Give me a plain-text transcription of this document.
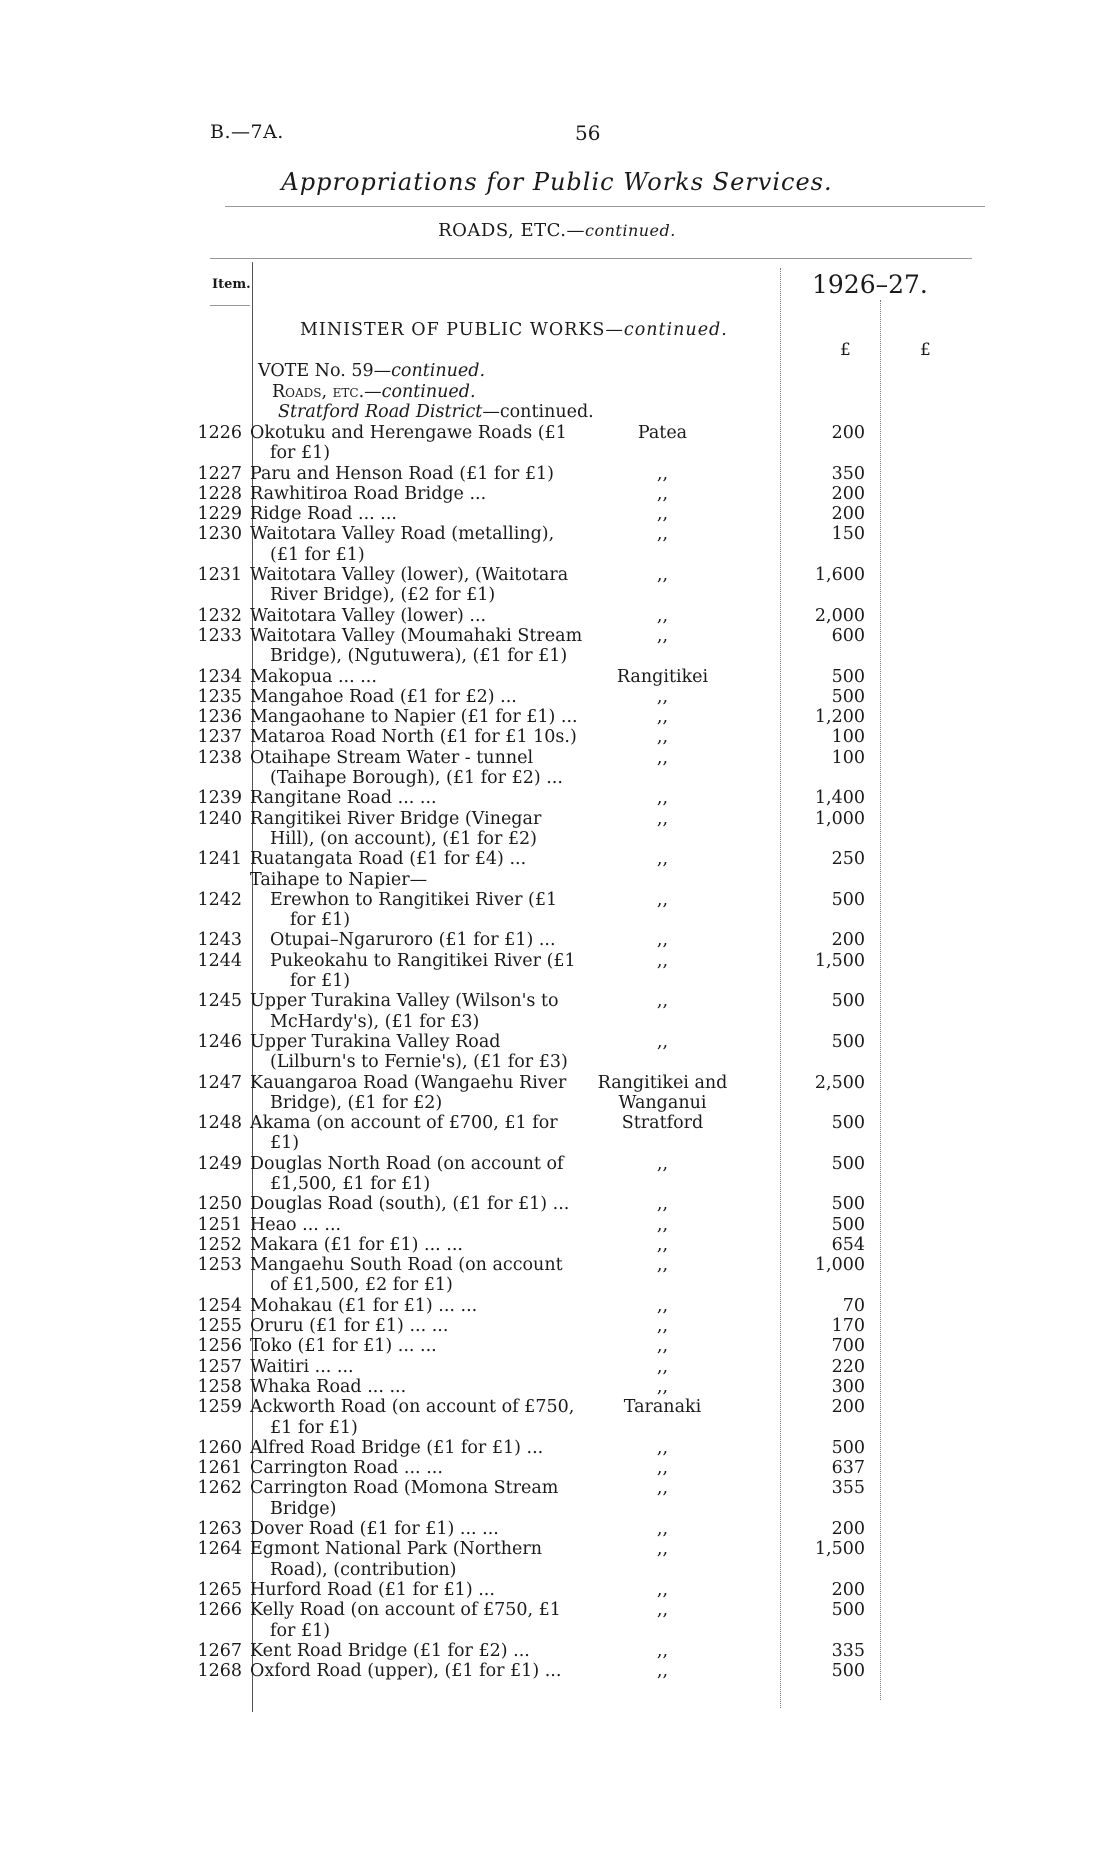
B.—7A.	56
Appropriations for Public Works Services.
ROADS, ETC.—continued.
Item.	1926–27.
£	£
MINISTER OF PUBLIC WORKS—continued.
VOTE No. 59—continued.
Roads, etc.—continued.
Stratford Road District—continued.
1226 Okotuku and Herengawe Roads (£1 for £1)
Patea	200
1227 Paru and Henson Road (£1 for £1)	,,	350
1228 Rawhitiroa Road Bridge ...	,,	200
1229 Ridge Road ... ...	,,	200
1230 Waitotara Valley Road (metalling), (£1 for £1)
,,	150
1231 Waitotara Valley (lower), (Waitotara River Bridge), (£2 for £1)
,,	1,600
1232 Waitotara Valley (lower) ...	,,	2,000
1233 Waitotara Valley (Moumahaki Stream Bridge), (Ngutuwera), (£1 for £1)
,,	600
1234 Makopua ... ...	Rangitikei	500
1235 Mangahoe Road (£1 for £2) ...	,,	500
1236 Mangaohane to Napier (£1 for £1) ...	,,	1,200
1237 Mataroa Road North (£1 for £1 10s.)	,,	100
1238 Otaihape Stream Water - tunnel (Taihape Borough), (£1 for £2) ...
,,	100
1239 Rangitane Road ... ...	,,	1,400
1240 Rangitikei River Bridge (Vinegar Hill), (on account), (£1 for £2)
,,	1,000
1241 Ruatangata Road (£1 for £4) ...	,,	250
Taihape to Napier—
1242	Erewhon to Rangitikei River (£1 for £1)
,,	500
1243	Otupai–Ngaruroro (£1 for £1) ...	,,	200
1244	Pukeokahu to Rangitikei River (£1 for £1)
,,	1,500
1245 Upper Turakina Valley (Wilson's to McHardy's), (£1 for £3)
,,	500
1246 Upper Turakina Valley Road (Lilburn's to Fernie's), (£1 for £3)
,,	500
1247 Kauangaroa Road (Wangaehu River Bridge), (£1 for £2)
Rangitikei and Wanganui
2,500
1248 Akama (on account of £700, £1 for £1)
Stratford	500
1249 Douglas North Road (on account of £1,500, £1 for £1)
,,	500
1250 Douglas Road (south), (£1 for £1) ...	,,	500
1251 Heao ... ...	,,	500
1252 Makara (£1 for £1) ... ...	,,	654
1253 Mangaehu South Road (on account of £1,500, £2 for £1)
,,	1,000
1254 Mohakau (£1 for £1) ... ...	,,	70
1255 Oruru (£1 for £1) ... ...	,,	170
1256 Toko (£1 for £1) ... ...	,,	700
1257 Waitiri ... ...	,,	220
1258 Whaka Road ... ...	,,	300
1259 Ackworth Road (on account of £750, £1 for £1)
Taranaki	200
1260 Alfred Road Bridge (£1 for £1) ...	,,	500
1261 Carrington Road ... ...	,,	637
1262 Carrington Road (Momona Stream Bridge)
,,	355
1263 Dover Road (£1 for £1) ... ...	,,	200
1264 Egmont National Park (Northern Road), (contribution)
,,	1,500
1265 Hurford Road (£1 for £1) ...	,,	200
1266 Kelly Road (on account of £750, £1 for £1)
,,	500
1267 Kent Road Bridge (£1 for £2) ...	,,	335
1268 Oxford Road (upper), (£1 for £1) ...	,,	500
